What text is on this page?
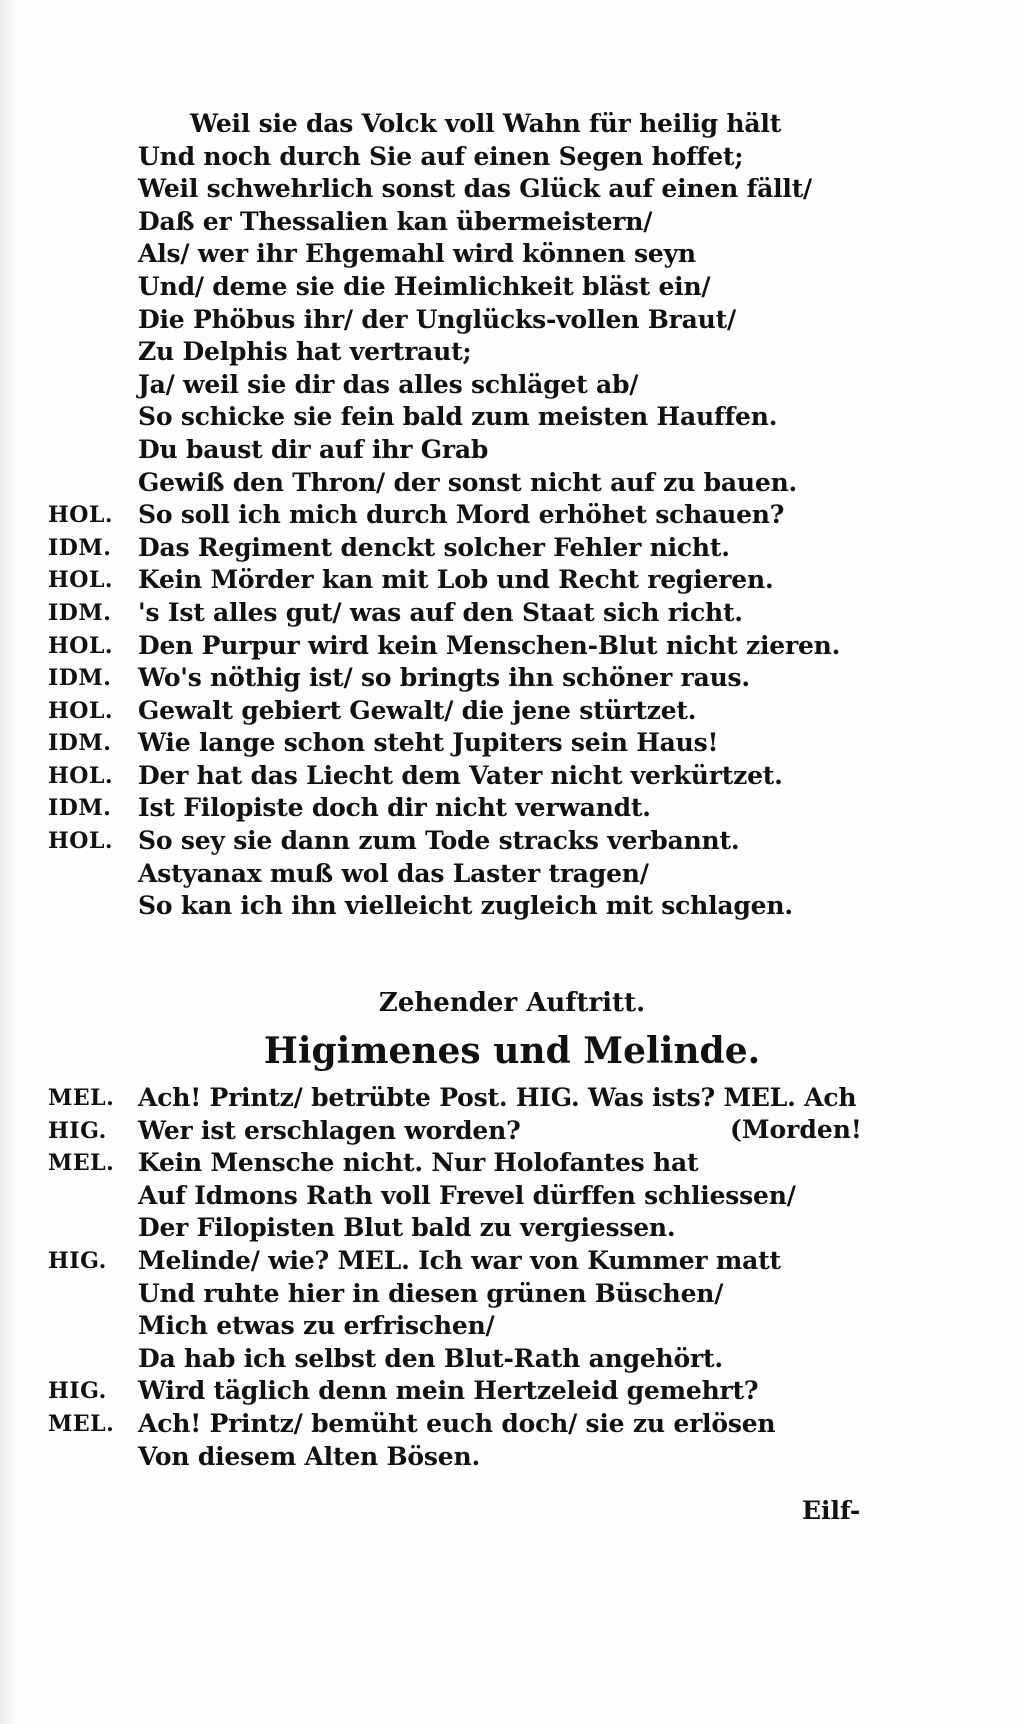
Weil sie das Volck voll Wahn für heilig hält
Und noch durch Sie auf einen Segen hoffet;
Weil schwehrlich sonst das Glück auf einen fällt/
Daß er Thessalien kan übermeistern/
Als/ wer ihr Ehgemahl wird können seyn
Und/ deme sie die Heimlichkeit bläst ein/
Die Phöbus ihr/ der Unglücks-vollen Braut/
Zu Delphis hat vertraut;
Ja/ weil sie dir das alles schläget ab/
So schicke sie fein bald zum meisten Hauffen.
Du baust dir auf ihr Grab
Gewiß den Thron/ der sonst nicht auf zu bauen.
HOL. So soll ich mich durch Mord erhöhet schauen?
IDM.	Das Regiment denckt solcher Fehler nicht.
HOL. Kein Mörder kan mit Lob und Recht regieren.
IDM.	's Ist alles gut/ was auf den Staat sich richt.
HOL. Den Purpur wird kein Menschen-Blut nicht zieren.
IDM.	Wo's nöthig ist/ so bringts ihn schöner raus.
HOL. Gewalt gebiert Gewalt/ die jene stürtzet.
IDM.	Wie lange schon steht Jupiters sein Haus!
HOL. Der hat das Liecht dem Vater nicht verkürtzet.
IDM.	Ist Filopiste doch dir nicht verwandt.
HOL. So sey sie dann zum Tode stracks verbannt.
Astyanax muß wol das Laster tragen/
So kan ich ihn vielleicht zugleich mit schlagen.
Zehender Auftritt.
Higimenes und Melinde.
MEL. Ach! Printz/ betrübte Post. HIG. Was ists? MEL. Ach
HIG.	Wer ist erschlagen worden?
MEL. Kein Mensche nicht. Nur Holofantes hat
Auf Idmons Rath voll Frevel dürffen schliessen/
Der Filopisten Blut bald zu vergiessen.
HIG.	Melinde/ wie? MEL. Ich war von Kummer matt
Und ruhte hier in diesen grünen Büschen/
Mich etwas zu erfrischen/
Da hab ich selbst den Blut-Rath angehört.
HIG.	Wird täglich denn mein Hertzeleid gemehrt?
MEL. Ach! Printz/ bemüht euch doch/ sie zu erlösen
Von diesem Alten Bösen.
(Morden!
Eilf-
